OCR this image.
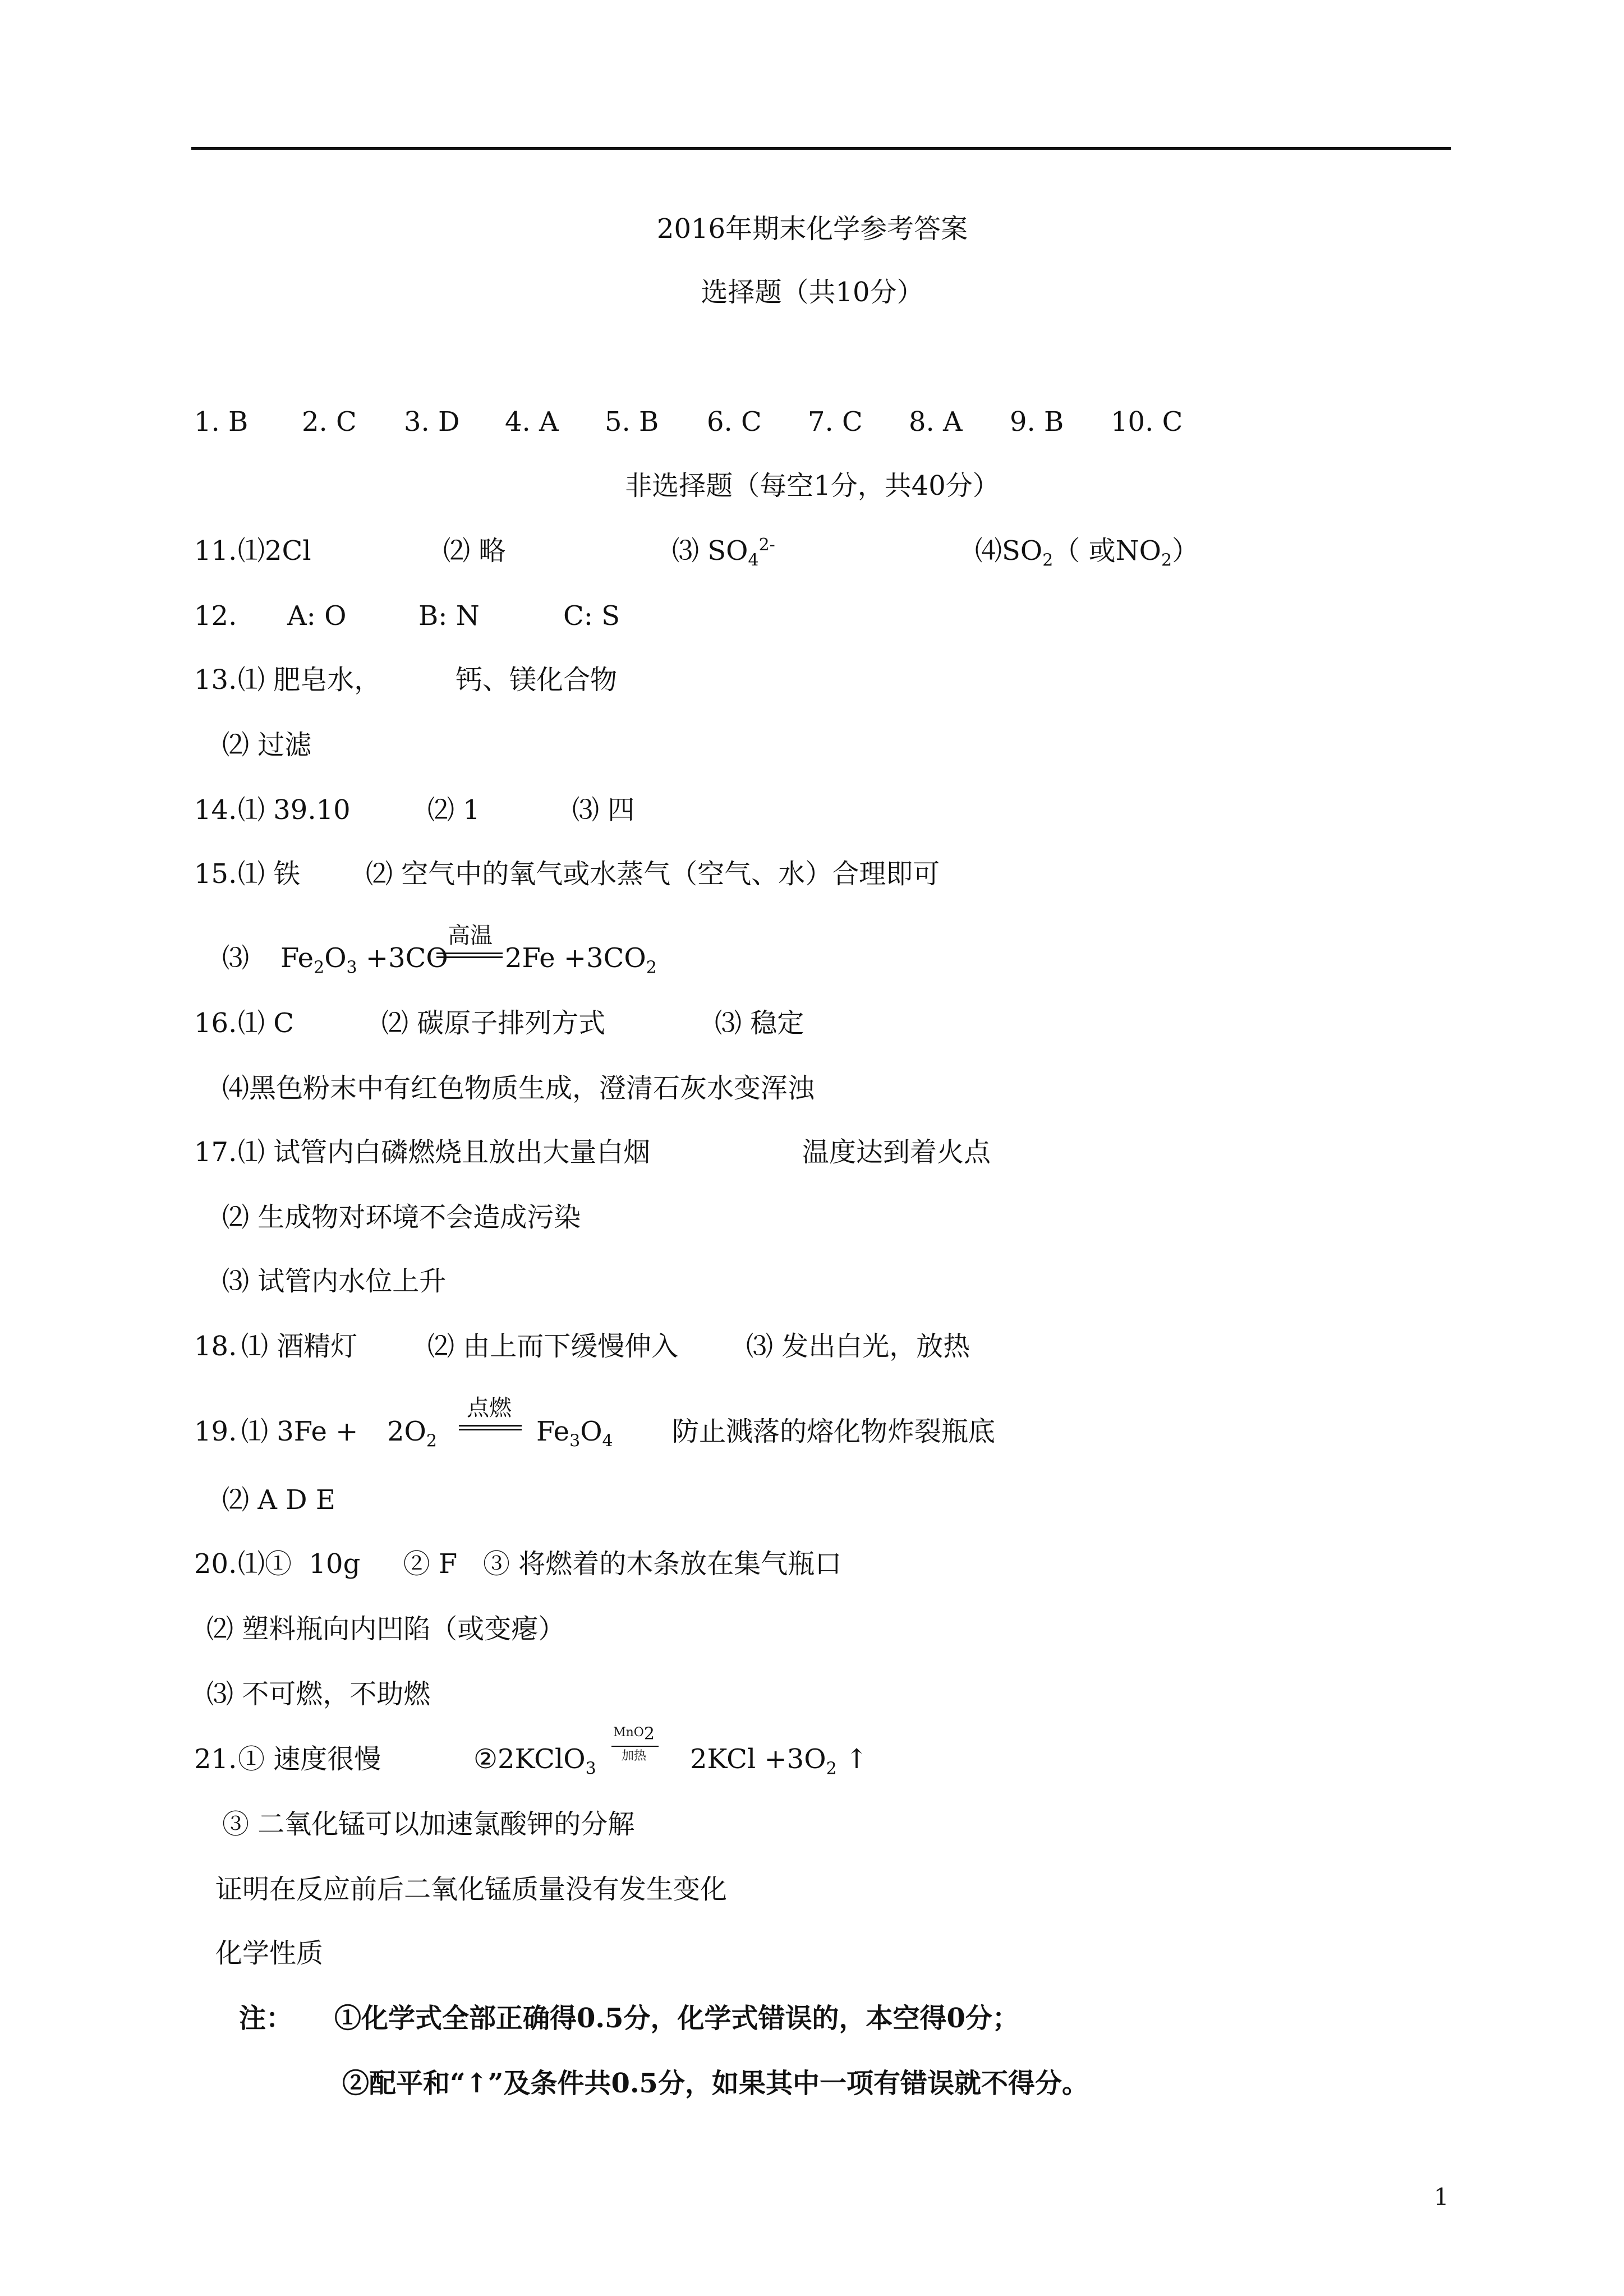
2016年期末化学参考答案
选择题（共10分）
1. B 2. C 3. D 4. A 5. B 6. C 7. C 8. A 9. B 10. C
非选择题（每空1分，共40分）
11. ⑴2Cl	⑵ 略	⑶ $SO_4^{2-}$	$⑷SO_2$（ 或$NO_2$）
12. A: O	B: N	C: S
13. ⑴ 肥皂水，	钙、镁化合物
⑵ 过滤
14. ⑴ 39.10	⑵ 1	⑶ 四
15. ⑴ 铁 ⑵ 空气中的氧气或水蒸气（空气、水）合理即可
⑶ $Fe_2O_3 +3CO$
高温
$2Fe +3CO_2$
16. ⑴ C	⑵ 碳原子排列方式	⑶ 稳定
⑷黑色粉末中有红色物质生成，澄清石灰水变浑浊
17. ⑴ 试管内白磷燃烧且放出大量白烟	温度达到着火点
⑵ 生成物对环境不会造成污染
⑶ 试管内水位上升
18. ⑴ 酒精灯	⑵ 由上而下缓慢伸入	⑶ 发出白光，放热
19. ⑴ $3Fe + 2O_2$
点燃
$Fe_3O_4$ 防止溅落的熔化物炸裂瓶底
⑵ A D E
20. ⑴①  10g     ② F   ③ 将燃着的木条放在集气瓶口
⑵ 塑料瓶向内凹陷（或变瘪）
⑶ 不可燃，不助燃
21. ① 速度很慢	②2KClO$_3$
MnO$_2$
加热 $2KCl +3O_2$ ↑
③ 二氧化锰可以加速氯酸钾的分解
证明在反应前后二氧化锰质量没有发生变化
化学性质
注： ①化学式全部正确得0.5分，化学式错误的，本空得0分；
②配平和“↑”及条件共0.5分，如果其中一项有错误就不得分。
1
